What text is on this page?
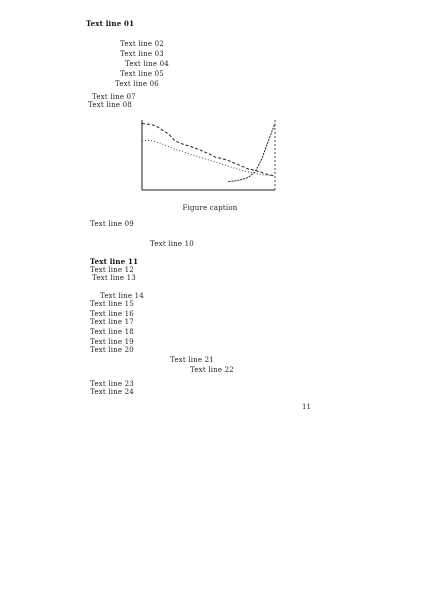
Text line 01
Text line 02
Text line 03
Text line 04
Text line 05
Text line 06
Text line 07
Text line 08
Figure caption
Text line 09
Text line 10
Text line 11
Text line 12
Text line 13
Text line 14
Text line 15
Text line 16
Text line 17
Text line 18
Text line 19
Text line 20
Text line 21
Text line 22
Text line 23
Text line 24
11
